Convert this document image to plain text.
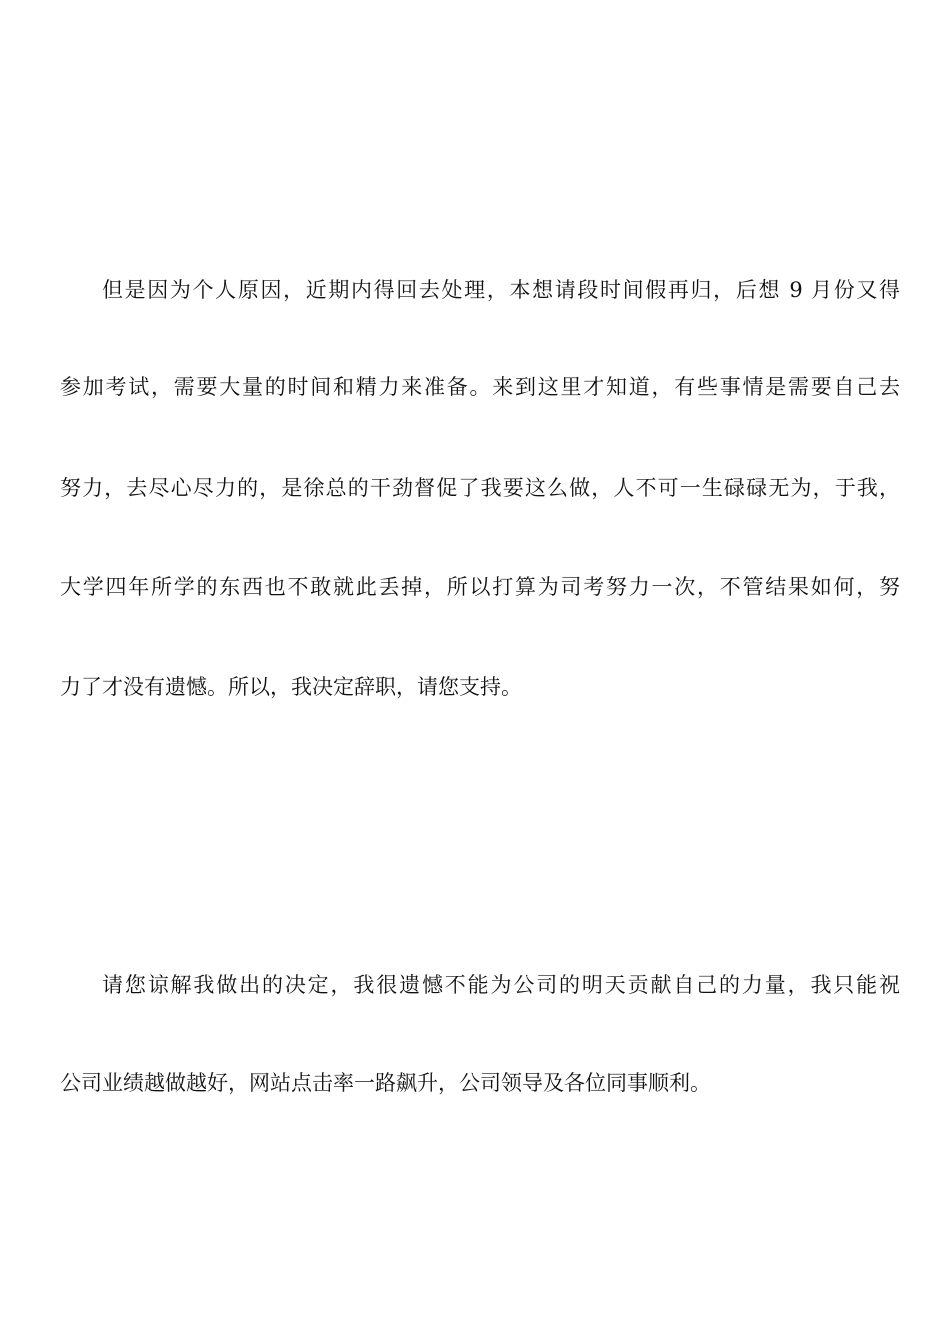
但是因为个人原因，近期内得回去处理，本想请段时间假再归，后想 9 月份又得
参加考试，需要大量的时间和精力来准备。来到这里才知道，有些事情是需要自己去
努力，去尽心尽力的，是徐总的干劲督促了我要这么做，人不可一生碌碌无为，于我，
大学四年所学的东西也不敢就此丢掉，所以打算为司考努力一次，不管结果如何，努
力了才没有遗憾。所以，我决定辞职，请您支持。
请您谅解我做出的决定，我很遗憾不能为公司的明天贡献自己的力量，我只能祝
公司业绩越做越好，网站点击率一路飙升，公司领导及各位同事顺利。
